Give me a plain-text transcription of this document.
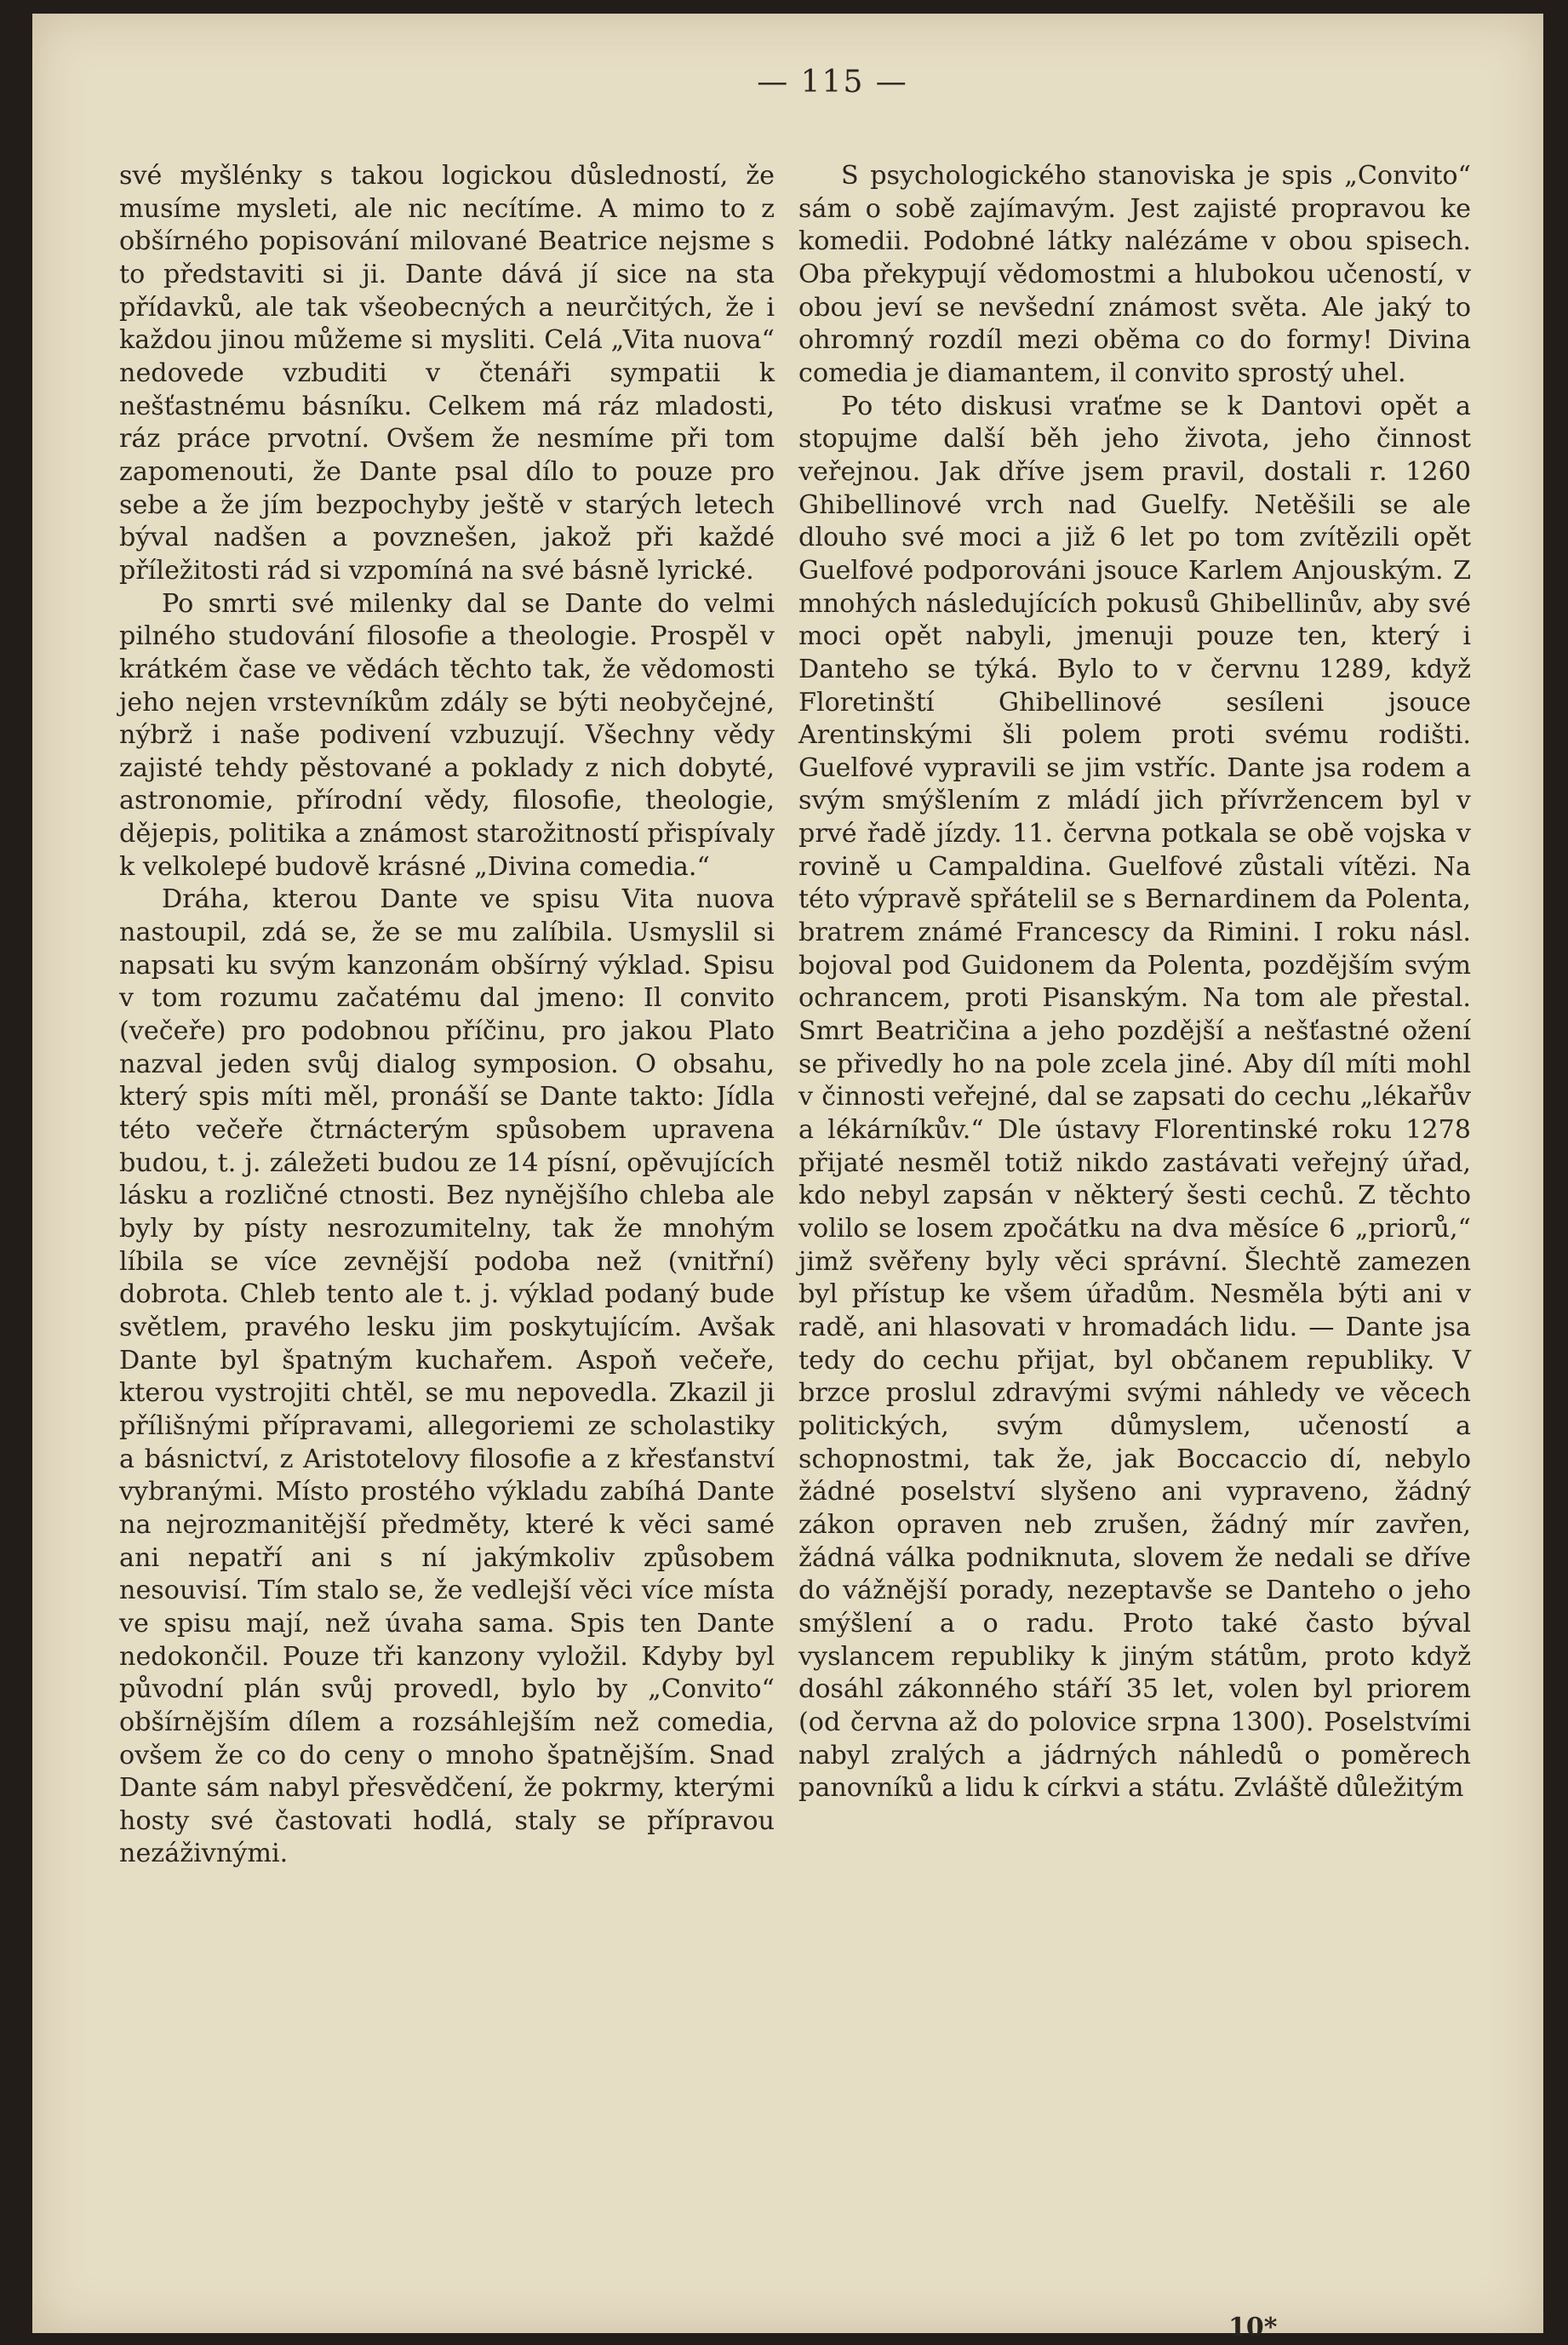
— 115 —

své myšlénky s takou logickou důsledností, že musíme mysleti, ale nic necítíme. A mimo to z obšírného popisování milované Beatrice nejsme s to představiti si ji. Dante dává jí sice na sta přídavků, ale tak všeobecných a neurčitých, že i každou jinou můžeme si mysliti. Celá „Vita nuova“ nedovede vzbuditi v čtenáři sympatii k nešťastnému básníku. Celkem má ráz mladosti, ráz práce prvotní. Ovšem že nesmíme při tom zapomenouti, že Dante psal dílo to pouze pro sebe a že jím bezpochyby ještě v starých letech býval nadšen a povznešen, jakož při každé příležitosti rád si vzpomíná na své básně lyrické.

Po smrti své milenky dal se Dante do velmi pilného studování filosofie a theologie. Prospěl v krátkém čase ve vědách těchto tak, že vědomosti jeho nejen vrstevníkům zdály se býti neobyčejné, nýbrž i naše podivení vzbuzují. Všechny vědy zajisté tehdy pěstované a poklady z nich dobyté, astronomie, přírodní vědy, filosofie, theologie, dějepis, politika a známost starožitností přispívaly k velkolepé budově krásné „Divina comedia.“

Dráha, kterou Dante ve spisu Vita nuova nastoupil, zdá se, že se mu zalíbila. Usmyslil si napsati ku svým kanzonám obšírný výklad. Spisu v tom rozumu začatému dal jmeno: Il convito (večeře) pro podobnou příčinu, pro jakou Plato nazval jeden svůj dialog symposion. O obsahu, který spis míti měl, pronáší se Dante takto: Jídla této večeře čtrnácterým spůsobem upravena budou, t. j. záležeti budou ze 14 písní, opěvujících lásku a rozličné ctnosti. Bez nynějšího chleba ale byly by písty nesrozumitelny, tak že mnohým líbila se více zevnější podoba než (vnitřní) dobrota. Chleb tento ale t. j. výklad podaný bude světlem, pravého lesku jim poskytujícím. Avšak Dante byl špatným kuchařem. Aspoň večeře, kterou vystrojiti chtěl, se mu nepovedla. Zkazil ji přílišnými přípravami, allegoriemi ze scholastiky a básnictví, z Aristotelovy filosofie a z křesťanství vybranými. Místo prostého výkladu zabíhá Dante na nejrozmanitější předměty, které k věci samé ani nepatří ani s ní jakýmkoliv způsobem nesouvisí. Tím stalo se, že vedlejší věci více místa ve spisu mají, než úvaha sama. Spis ten Dante nedokončil. Pouze tři kanzony vyložil. Kdyby byl původní plán svůj provedl, bylo by „Convito“ obšírnějším dílem a rozsáhlejším než comedia, ovšem že co do ceny o mnoho špatnějším. Snad Dante sám nabyl přesvědčení, že pokrmy, kterými hosty své častovati hodlá, staly se přípravou nezáživnými.

S psychologického stanoviska je spis „Convito“ sám o sobě zajímavým. Jest zajisté propravou ke komedii. Podobné látky nalézáme v obou spisech. Oba překypují vědomostmi a hlubokou učeností, v obou jeví se nevšední známost světa. Ale jaký to ohromný rozdíl mezi oběma co do formy! Divina comedia je diamantem, il convito sprostý uhel.

Po této diskusi vraťme se k Dantovi opět a stopujme další běh jeho života, jeho činnost veřejnou. Jak dříve jsem pravil, dostali r. 1260 Ghibellinové vrch nad Guelfy. Netěšili se ale dlouho své moci a již 6 let po tom zvítězili opět Guelfové podporováni jsouce Karlem Anjouským. Z mnohých následujících pokusů Ghibellinův, aby své moci opět nabyli, jmenuji pouze ten, který i Danteho se týká. Bylo to v červnu 1289, když Floretinští Ghibellinové sesíleni jsouce Arentinskými šli polem proti svému rodišti. Guelfové vypravili se jim vstříc. Dante jsa rodem a svým smýšlením z mládí jich přívržencem byl v prvé řadě jízdy. 11. června potkala se obě vojska v rovině u Campaldina. Guelfové zůstali vítězi. Na této výpravě spřátelil se s Bernardinem da Polenta, bratrem známé Francescy da Rimini. I roku násl. bojoval pod Guidonem da Polenta, pozdějším svým ochrancem, proti Pisanským. Na tom ale přestal. Smrt Beatričina a jeho pozdější a nešťastné ožení se přivedly ho na pole zcela jiné. Aby díl míti mohl v činnosti veřejné, dal se zapsati do cechu „lékařův a lékárníkův.“ Dle ústavy Florentinské roku 1278 přijaté nesměl totiž nikdo zastávati veřejný úřad, kdo nebyl zapsán v některý šesti cechů. Z těchto volilo se losem zpočátku na dva měsíce 6 „priorů,“ jimž svěřeny byly věci správní. Šlechtě zamezen byl přístup ke všem úřadům. Nesměla býti ani v radě, ani hlasovati v hromadách lidu. — Dante jsa tedy do cechu přijat, byl občanem republiky. V brzce proslul zdravými svými náhledy ve věcech politických, svým důmyslem, učeností a schopnostmi, tak že, jak Boccaccio dí, nebylo žádné poselství slyšeno ani vypraveno, žádný zákon opraven neb zrušen, žádný mír zavřen, žádná válka podniknuta, slovem že nedali se dříve do vážnější porady, nezeptavše se Danteho o jeho smýšlení a o radu. Proto také často býval vyslancem republiky k jiným státům, proto když dosáhl zákonného stáří 35 let, volen byl priorem (od června až do polovice srpna 1300). Poselstvími nabyl zralých a jádrných náhledů o poměrech panovníků a lidu k církvi a státu. Zvláště důležitým

10*
